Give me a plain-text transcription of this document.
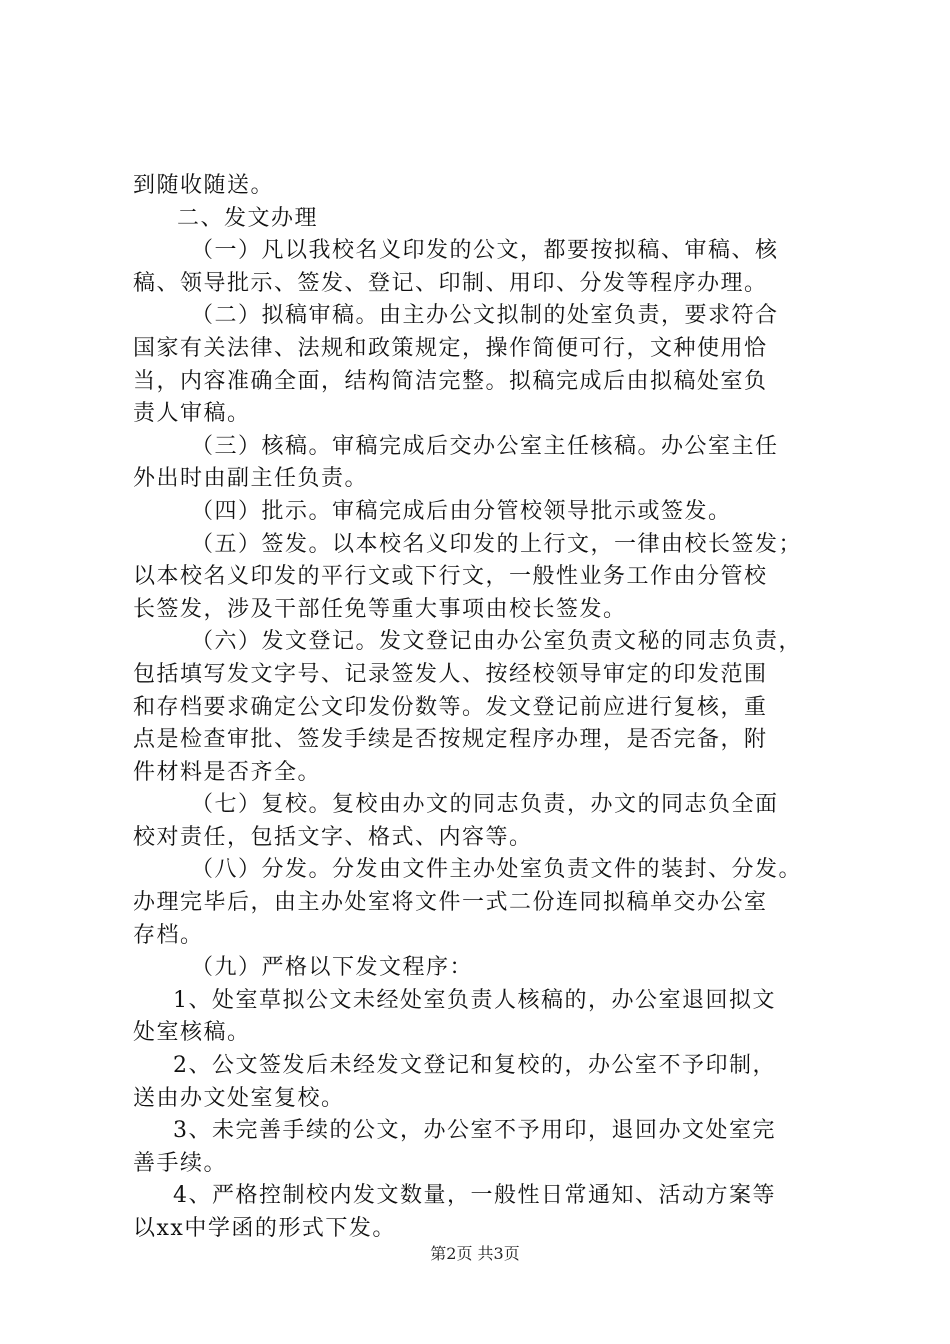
到随收随送。
二、发文办理
（一）凡以我校名义印发的公文，都要按拟稿、审稿、核
稿、领导批示、签发、登记、印制、用印、分发等程序办理。
（二）拟稿审稿。由主办公文拟制的处室负责，要求符合
国家有关法律、法规和政策规定，操作简便可行，文种使用恰
当，内容准确全面，结构简洁完整。拟稿完成后由拟稿处室负
责人审稿。
（三）核稿。审稿完成后交办公室主任核稿。办公室主任
外出时由副主任负责。
（四）批示。审稿完成后由分管校领导批示或签发。
（五）签发。以本校名义印发的上行文，一律由校长签发；
以本校名义印发的平行文或下行文，一般性业务工作由分管校
长签发，涉及干部任免等重大事项由校长签发。
（六）发文登记。发文登记由办公室负责文秘的同志负责，
包括填写发文字号、记录签发人、按经校领导审定的印发范围
和存档要求确定公文印发份数等。发文登记前应进行复核，重
点是检查审批、签发手续是否按规定程序办理，是否完备，附
件材料是否齐全。
（七）复校。复校由办文的同志负责，办文的同志负全面
校对责任，包括文字、格式、内容等。
（八）分发。分发由文件主办处室负责文件的装封、分发。
办理完毕后，由主办处室将文件一式二份连同拟稿单交办公室
存档。
（九）严格以下发文程序：
1、处室草拟公文未经处室负责人核稿的，办公室退回拟文
处室核稿。
2、公文签发后未经发文登记和复校的，办公室不予印制，
送由办文处室复校。
3、未完善手续的公文，办公室不予用印，退回办文处室完
善手续。
4、严格控制校内发文数量，一般性日常通知、活动方案等
以xx中学函的形式下发。
第2页 共3页
